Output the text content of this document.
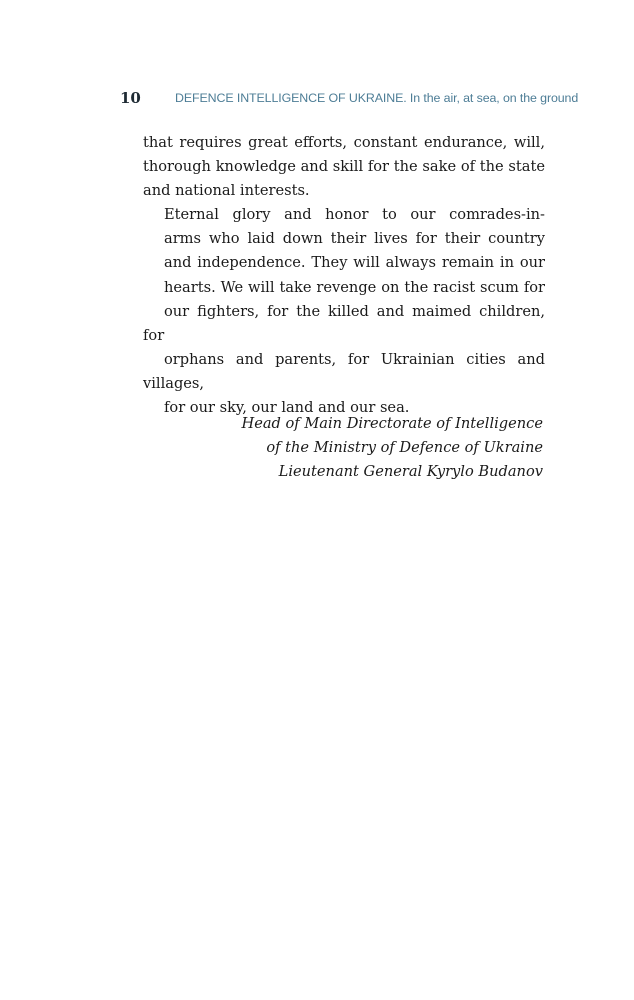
10	DEFENCE INTELLIGENCE OF UKRAINE. In the air, at sea, on the ground

that requires great efforts, constant endurance, will,
thorough knowledge and skill for the sake of the state
and national interests.

Eternal glory and honor to our comrades-in-
arms who laid down their lives for their country
and independence. They will always remain in our
hearts. We will take revenge on the racist scum for
our fighters, for the killed and maimed children, for
orphans and parents, for Ukrainian cities and villages,
for our sky, our land and our sea.

Head of Main Directorate of Intelligence
of the Ministry of Defence of Ukraine
Lieutenant General Kyrylo Budanov
